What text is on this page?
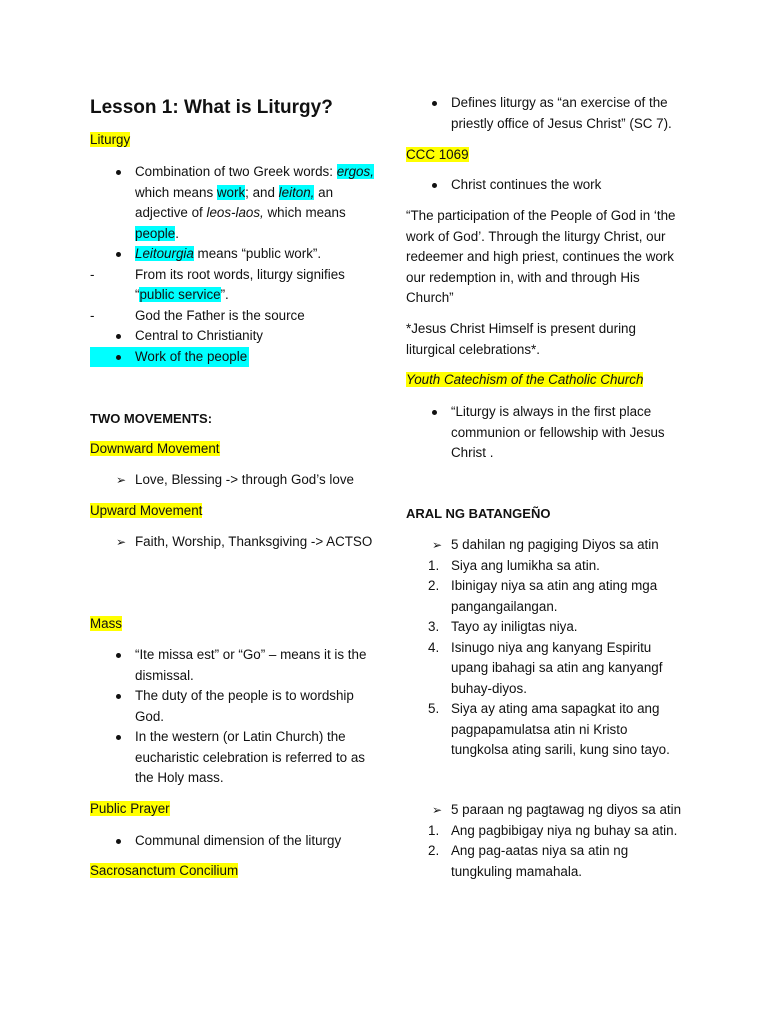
Lesson 1: What is Liturgy?
Liturgy
Combination of two Greek words: ergos, which means work; and leiton, an adjective of leos-laos, which means people.
Leitourgia means “public work”.
-	From its root words, liturgy signifies “public service”.
-	God the Father is the source
Central to Christianity
Work of the people
TWO MOVEMENTS:
Downward Movement
➢ Love, Blessing -> through God’s love
Upward Movement
➢ Faith, Worship, Thanksgiving -> ACTSO
Mass
“Ite missa est” or “Go” – means it is the dismissal.
The duty of the people is to wordship God.
In the western (or Latin Church) the eucharistic celebration is referred to as the Holy mass.
Public Prayer
Communal dimension of the liturgy
Sacrosanctum Concilium
Defines liturgy as “an exercise of the priestly office of Jesus Christ” (SC 7).
CCC 1069
Christ continues the work
“The participation of the People of God in ‘the work of God’. Through the liturgy Christ, our redeemer and high priest, continues the work our redemption in, with and through His Church”
*Jesus Christ Himself is present during liturgical celebrations*.
Youth Catechism of the Catholic Church
“Liturgy is always in the first place communion or fellowship with Jesus Christ .
ARAL NG BATANGEÑO
➢ 5 dahilan ng pagiging Diyos sa atin
1. Siya ang lumikha sa atin.
2. Ibinigay niya sa atin ang ating mga pangangailangan.
3. Tayo ay iniligtas niya.
4. Isinugo niya ang kanyang Espiritu upang ibahagi sa atin ang kanyangf buhay-diyos.
5. Siya ay ating ama sapagkat ito ang pagpapamulatsa atin ni Kristo tungkolsa ating sarili, kung sino tayo.
➢ 5 paraan ng pagtawag ng diyos sa atin
1. Ang pagbibigay niya ng buhay sa atin.
2. Ang pag-aatas niya sa atin ng tungkuling mamahala.
